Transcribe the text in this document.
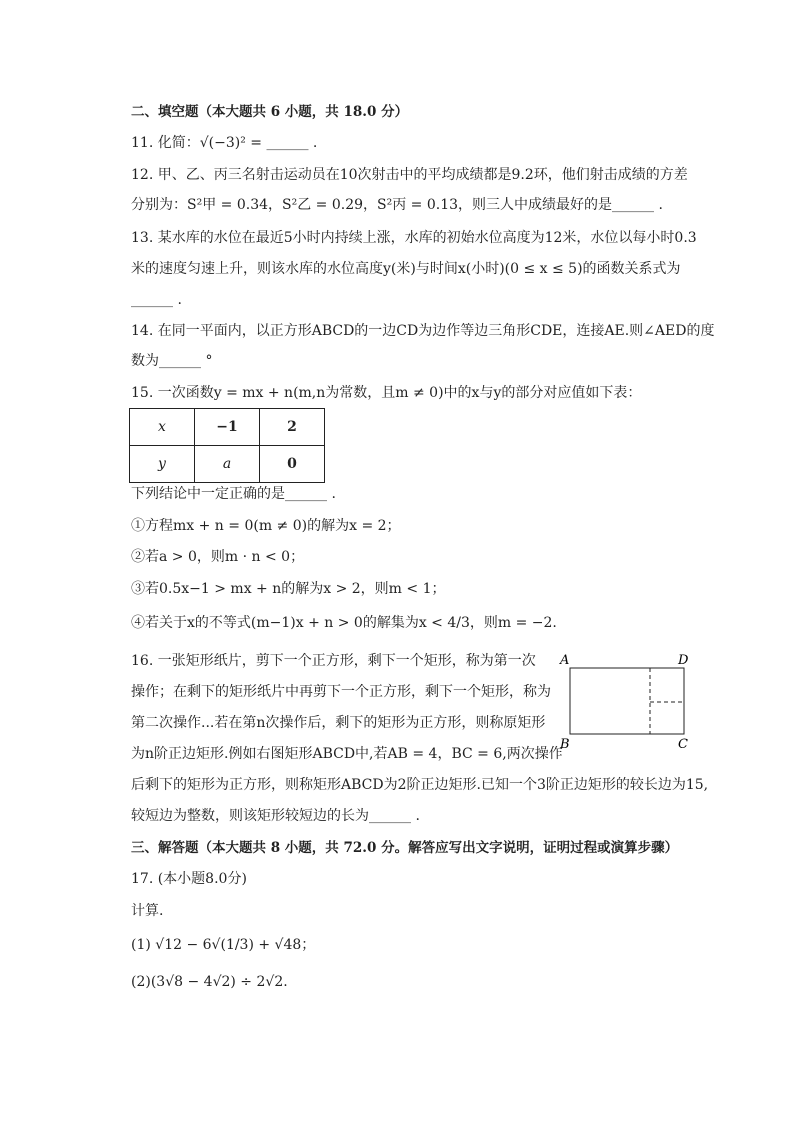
二、填空题（本大题共 6 小题，共 18.0 分）
11. 化简：√(−3)² = ______ .
12. 甲、乙、丙三名射击运动员在10次射击中的平均成绩都是9.2环，他们射击成绩的方差
分别为：S²甲 = 0.34，S²乙 = 0.29，S²丙 = 0.13，则三人中成绩最好的是______ .
13. 某水库的水位在最近5小时内持续上涨，水库的初始水位高度为12米，水位以每小时0.3
米的速度匀速上升，则该水库的水位高度y(米)与时间x(小时)(0 ≤ x ≤ 5)的函数关系式为
______ .
14. 在同一平面内，以正方形ABCD的一边CD为边作等边三角形CDE，连接AE.则∠AED的度
数为______ °
15. 一次函数y = mx + n(m,n为常数，且m ≠ 0)中的x与y的部分对应值如下表：
x	−1	2
y	a	0
下列结论中一定正确的是______ .
①方程mx + n = 0(m ≠ 0)的解为x = 2；
②若a > 0，则m · n < 0；
③若0.5x−1 > mx + n的解为x > 2，则m < 1；
④若关于x的不等式(m−1)x + n > 0的解集为x < 4/3，则m = −2.
16. 一张矩形纸片，剪下一个正方形，剩下一个矩形，称为第一次
操作；在剩下的矩形纸片中再剪下一个正方形，剩下一个矩形，称为
第二次操作...若在第n次操作后，剩下的矩形为正方形，则称原矩形
为n阶正边矩形.例如右图矩形ABCD中,若AB = 4，BC = 6,两次操作
后剩下的矩形为正方形，则称矩形ABCD为2阶正边矩形.已知一个3阶正边矩形的较长边为15,
较短边为整数，则该矩形较短边的长为______ .
A	D
B	C
三、解答题（本大题共 8 小题，共 72.0 分。解答应写出文字说明，证明过程或演算步骤）
17. (本小题8.0分)
计算.
(1) √12 − 6√(1/3) + √48；
(2)(3√8 − 4√2) ÷ 2√2.
